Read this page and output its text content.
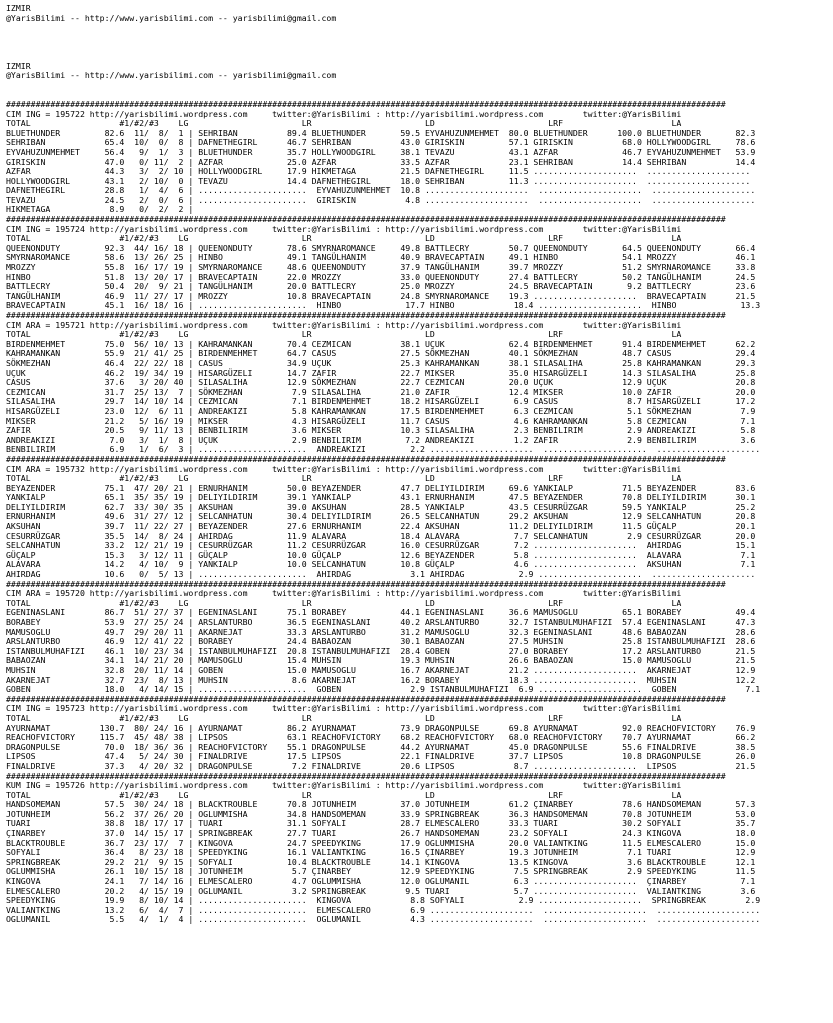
IZMIR
@YarisBilimi -- http://www.yarisbilimi.com -- yarisbilimi@gmail.com
IZMIR
@YarisBilimi -- http://www.yarisbilimi.com -- yarisbilimi@gmail.com
##################################################################################################################################################
CIM ING = 195722 http://yarisbilimi.wordpress.com     twitter:@YarisBilimi : http://yarisbilimi.wordpress.com        twitter:@YarisBilimi
TOTAL                  #1/#2/#3    LG                       LR                       LD                       LRF                      LA
BLUETHUNDER         82.6  11/  8/  1 | SEHRIBAN          89.4 BLUETHUNDER       59.5 EYVAHUZUNMEHMET  80.0 BLUETHUNDER      100.0 BLUETHUNDER       82.3
SEHRIBAN            65.4  10/  0/  8 | DAFNETHEGIRL      46.7 SEHRIBAN          43.0 GIRISKIN         57.1 GIRISKIN          68.0 HOLLYWOODGIRL     78.6
EYVAHUZUNMEHMET     56.4   9/  1/  3 | BLUETHUNDER       35.7 HOLLYWOODGIRL     38.1 TEVAZU           43.1 AZFAR             46.7 EYVAHUZUNMEHMET   53.9
GIRISKIN            47.0   0/ 11/  2 | AZFAR             25.0 AZFAR             33.5 AZFAR            23.1 SEHRIBAN          14.4 SEHRIBAN          14.4
AZFAR               44.3   3/  2/ 10 | HOLLYWOODGIRL     17.9 HIKMETAGA         21.5 DAFNETHEGIRL     11.5 .....................  .....................
HOLLYWOODGIRL       43.1   2/ 10/  0 | TEVAZU            14.4 DAFNETHEGIRL      18.0 SEHRIBAN         11.3 .....................  .....................
DAFNETHEGIRL        28.8   1/  4/  6 | ......................  EYVAHUZUNMEHMET  10.8 .....................  .....................  .....................
TEVAZU              24.5   2/  0/  6 | ......................  GIRISKIN          4.8 .....................  .....................  .....................
HIKMETAGA            8.9   0/  2/  2 |
##################################################################################################################################################
CIM ING = 195724 http://yarisbilimi.wordpress.com     twitter:@YarisBilimi : http://yarisbilimi.wordpress.com        twitter:@YarisBilimi
TOTAL                  #1/#2/#3    LG                       LR                       LD                       LRF                      LA
QUEENONDUTY         92.3  44/ 16/ 18 | QUEENONDUTY       78.6 SMYRNAROMANCE     49.8 BATTLECRY        50.7 QUEENONDUTY       64.5 QUEENONDUTY       66.4
SMYRNAROMANCE       58.6  13/ 26/ 25 | HINBO             49.1 TANGÜLHANIM       40.9 BRAVECAPTAIN     49.1 HINBO             54.1 MROZZY            46.1
MROZZY              55.8  16/ 17/ 19 | SMYRNAROMANCE     48.6 QUEENONDUTY       37.9 TANGÜLHANIM      39.7 MROZZY            51.2 SMYRNAROMANCE     33.8
HINBO               51.8  13/ 20/ 17 | BRAVECAPTAIN      22.0 MROZZY            33.0 QUEENONDUTY      27.4 BATTLECRY         50.2 TANGÜLHANIM       24.5
BATTLECRY           50.4  20/  9/ 21 | TANGÜLHANIM       20.0 BATTLECRY         25.0 MROZZY           24.5 BRAVECAPTAIN       9.2 BATTLECRY         23.6
TANGÜLHANIM         46.9  11/ 27/ 17 | MROZZY            10.8 BRAVECAPTAIN      24.8 SMYRNAROMANCE    19.3 .....................  BRAVECAPTAIN      21.5
BRAVECAPTAIN        45.1  16/ 18/ 16 | ......................  HINBO             17.7 HINBO            18.4 .....................  HINBO             13.3
##################################################################################################################################################
CIM ARA = 195721 http://yarisbilimi.wordpress.com     twitter:@YarisBilimi : http://yarisbilimi.wordpress.com        twitter:@YarisBilimi
TOTAL                  #1/#2/#3    LG                       LR                       LD                       LRF                      LA
BIRDENMEHMET        75.0  56/ 10/ 13 | KAHRAMANKAN       70.4 CEZMICAN          38.1 UÇUK             62.4 BIRDENMEHMET      91.4 BIRDENMEHMET      62.2
KAHRAMANKAN         55.9  21/ 41/ 25 | BIRDENMEHMET      64.7 CASUS             27.5 SÖKMEZHAN        40.1 SÖKMEZHAN         48.7 CASUS             29.4
SÖKMEZHAN           46.4  22/ 22/ 18 | CASUS             34.9 UÇUK              25.3 KAHRAMANKAN      38.1 SILASALIHA        25.8 KAHRAMANKAN       29.3
UÇUK                46.2  19/ 34/ 19 | HISARGÜZELI       14.7 ZAFIR             22.7 MIKSER           35.0 HISARGÜZELI       14.3 SILASALIHA        25.8
CASUS               37.6   3/ 20/ 40 | SILASALIHA        12.9 SÖKMEZHAN         22.7 CEZMICAN         20.0 UÇUK              12.9 UÇUK              20.8
CEZMICAN            31.7  25/ 13/  7 | SÖKMEZHAN          7.9 SILASALIHA        21.0 ZAFIR            12.4 MIKSER            10.0 ZAFIR             20.0
SILASALIHA          29.7  14/ 10/ 14 | CEZMICAN           7.1 BIRDENMEHMET      18.2 HISARGÜZELI       6.9 CASUS              8.7 HISARGÜZELI       17.2
HISARGÜZELI         23.0  12/  6/ 11 | ANDREAKIZI         5.8 KAHRAMANKAN       17.5 BIRDENMEHMET      6.3 CEZMICAN           5.1 SÖKMEZHAN          7.9
MIKSER              21.2   5/ 16/ 19 | MIKSER             4.3 HISARGÜZELI       11.7 CASUS             4.6 KAHRAMANKAN        5.8 CEZMICAN           7.1
ZAFIR               20.5   9/ 11/ 13 | BENBILIRIM         3.6 MIKSER            10.3 SILASALIHA        2.3 BENBILIRIM         2.9 ANDREAKIZI         5.8
ANDREAKIZI           7.0   3/  1/  8 | UÇUK               2.9 BENBILIRIM         7.2 ANDREAKIZI        1.2 ZAFIR              2.9 BENBILIRIM         3.6
BENBILIRIM           6.9   1/  6/  3 | ......................  ANDREAKIZI         2.2 .....................  .....................  .....................
##################################################################################################################################################
CIM ARA = 195732 http://yarisbilimi.wordpress.com     twitter:@YarisBilimi : http://yarisbilimi.wordpress.com        twitter:@YarisBilimi
TOTAL                  #1/#2/#3    LG                       LR                       LD                       LRF                      LA
BEYAZENDER          75.1  47/ 20/ 21 | ERNURHANIM        50.0 BEYAZENDER        47.7 DELIYILDIRIM     69.6 YANKIALP          71.5 BEYAZENDER        83.6
YANKIALP            65.1  35/ 35/ 19 | DELIYILDIRIM      39.1 YANKIALP          43.1 ERNURHANIM       47.5 BEYAZENDER        70.8 DELIYILDIRIM      30.1
DELIYILDIRIM        62.7  33/ 30/ 35 | AKSUHAN           39.0 AKSUHAN           28.5 YANKIALP         43.5 CESURRÜZGAR       59.5 YANKIALP          25.2
ERNURHANIM          49.6  31/ 27/ 12 | SELCANHATUN       30.4 DELIYILDIRIM      26.5 SELCANHATUN      29.2 AKSUHAN           12.9 SELCANHATUN       20.8
AKSUHAN             39.7  11/ 22/ 27 | BEYAZENDER        27.6 ERNURHANIM        22.4 AKSUHAN          11.2 DELIYILDIRIM      11.5 GÜÇALP            20.1
CESURRÜZGAR         35.5  14/  8/ 24 | AHIRDAG           11.9 ALAVARA           18.4 ALAVARA           7.7 SELCANHATUN        2.9 CESURRÜZGAR       20.0
SELCANHATUN         33.2  12/ 21/ 19 | CESURRÜZGAR       11.2 CESURRÜZGAR       16.0 CESURRÜZGAR       7.2 .....................  AHIRDAG           15.1
GÜÇALP              15.3   3/ 12/ 11 | GÜÇALP            10.0 GÜÇALP            12.6 BEYAZENDER        5.8 .....................  ALAVARA            7.1
ALAVARA             14.2   4/ 10/  9 | YANKIALP          10.0 SELCANHATUN       10.8 GÜÇALP            4.6 .....................  AKSUHAN            7.1
AHIRDAG             10.6   0/  5/ 13 | ......................  AHIRDAG            3.1 AHIRDAG           2.9 .....................  .....................
##################################################################################################################################################
CIM ARA = 195720 http://yarisbilimi.wordpress.com     twitter:@YarisBilimi : http://yarisbilimi.wordpress.com        twitter:@YarisBilimi
TOTAL                  #1/#2/#3    LG                       LR                       LD                       LRF                      LA
EGENINASLANI        86.7  51/ 27/ 37 | EGENINASLANI      75.1 BORABEY           44.1 EGENINASLANI     36.6 MAMUSOGLU         65.1 BORABEY           49.4
BORABEY             53.9  27/ 25/ 24 | ARSLANTURBO       36.5 EGENINASLANI      40.2 ARSLANTURBO      32.7 ISTANBULMUHAFIZI  57.4 EGENINASLANI      47.3
MAMUSOGLU           49.7  29/ 20/ 11 | AKARNEJAT         33.3 ARSLANTURBO       31.2 MAMUSOGLU        32.3 EGENINASLANI      48.6 BABAOZAN          28.6
ARSLANTURBO         46.9  12/ 41/ 22 | BORABEY           24.4 BABAOZAN          30.1 BABAOZAN         27.5 MUHSIN            25.8 ISTANBULMUHAFIZI  28.6
ISTANBULMUHAFIZI    46.1  10/ 23/ 34 | ISTANBULMUHAFIZI  20.8 ISTANBULMUHAFIZI  28.4 GOBEN            27.0 BORABEY           17.2 ARSLANTURBO       21.5
BABAOZAN            34.1  14/ 21/ 20 | MAMUSOGLU         15.4 MUHSIN            19.3 MUHSIN           26.6 BABAOZAN          15.0 MAMUSOGLU         21.5
MUHSIN              32.8  20/ 11/ 14 | GOBEN             15.0 MAMUSOGLU         16.7 AKARNEJAT        21.2 .....................  AKARNEJAT         12.9
AKARNEJAT           32.7  23/  8/ 13 | MUHSIN             8.6 AKARNEJAT         16.2 BORABEY          18.3 .....................  MUHSIN            12.2
GOBEN               18.0   4/ 14/ 15 | ......................  GOBEN              2.9 ISTANBULMUHAFIZI  6.9 .....................  GOBEN              7.1
##################################################################################################################################################
CIM ING = 195723 http://yarisbilimi.wordpress.com     twitter:@YarisBilimi : http://yarisbilimi.wordpress.com        twitter:@YarisBilimi
TOTAL                  #1/#2/#3    LG                       LR                       LD                       LRF                      LA
AYURNAMAT          130.7  80/ 24/ 16 | AYURNAMAT         86.2 AYURNAMAT         73.9 DRAGONPULSE      69.8 AYURNAMAT         92.0 REACHOFVICTORY    76.9
REACHOFVICTORY     115.7  45/ 48/ 38 | LIPSOS            63.1 REACHOFVICTORY    68.2 REACHOFVICTORY   68.0 REACHOFVICTORY    70.7 AYURNAMAT         66.2
DRAGONPULSE         70.0  18/ 36/ 36 | REACHOFVICTORY    55.1 DRAGONPULSE       44.2 AYURNAMAT        45.0 DRAGONPULSE       55.6 FINALDRIVE        38.5
LIPSOS              47.4   5/ 24/ 30 | FINALDRIVE        17.5 LIPSOS            22.1 FINALDRIVE       37.7 LIPSOS            10.8 DRAGONPULSE       26.0
FINALDRIVE          37.3   4/ 20/ 32 | DRAGONPULSE        7.2 FINALDRIVE        20.6 LIPSOS            8.7 .....................  LIPSOS            21.5
##################################################################################################################################################
KUM ING = 195726 http://yarisbilimi.wordpress.com     twitter:@YarisBilimi : http://yarisbilimi.wordpress.com        twitter:@YarisBilimi
TOTAL                  #1/#2/#3    LG                       LR                       LD                       LRF                      LA
HANDSOMEMAN         57.5  30/ 24/ 18 | BLACKTROUBLE      70.8 JOTUNHEIM         37.0 JOTUNHEIM        61.2 ÇINARBEY          78.6 HANDSOMEMAN       57.3
JOTUNHEIM           56.2  37/ 26/ 20 | OGLUMMISHA        34.8 HANDSOMEMAN       33.9 SPRINGBREAK      36.3 HANDSOMEMAN       70.8 JOTUNHEIM         53.0
TUARI               38.8  18/ 17/ 17 | TUARI             31.1 SOFYALI           28.7 ELMESCALERO      33.3 TUARI             30.2 SOFYALI           35.7
ÇINARBEY            37.0  14/ 15/ 17 | SPRINGBREAK       27.7 TUARI             26.7 HANDSOMEMAN      23.2 SOFYALI           24.3 KINGOVA           18.0
BLACKTROUBLE        36.7  23/ 17/  7 | KINGOVA           24.7 SPEEDYKING        17.9 OGLUMMISHA       20.0 VALIANTKING       11.5 ELMESCALERO       15.0
SOFYALI             36.4   8/ 23/ 18 | SPEEDYKING        16.1 VALIANTKING       16.5 ÇINARBEY         19.3 JOTUNHEIM          7.1 TUARI             12.9
SPRINGBREAK         29.2  21/  9/ 15 | SOFYALI           10.4 BLACKTROUBLE      14.1 KINGOVA          13.5 KINGOVA            3.6 BLACKTROUBLE      12.1
OGLUMMISHA          26.1  10/ 15/ 18 | JOTUNHEIM          5.7 ÇINARBEY          12.9 SPEEDYKING        7.5 SPRINGBREAK        2.9 SPEEDYKING        11.5
KINGOVA             24.1   7/ 14/ 16 | ELMESCALERO        4.7 OGLUMMISHA        12.0 OGLUMANIL         6.3 .....................  ÇINARBEY           7.1
ELMESCALERO         20.2   4/ 15/ 19 | OGLUMANIL          3.2 SPRINGBREAK        9.5 TUARI             5.7 .....................  VALIANTKING        3.6
SPEEDYKING          19.9   8/ 10/ 14 | ......................  KINGOVA            8.8 SOFYALI           2.9 .....................  SPRINGBREAK        2.9
VALIANTKING         13.2   6/  4/  7 | ......................  ELMESCALERO        6.9 .....................  .....................  .....................
OGLUMANIL            5.5   4/  1/  4 | ......................  OGLUMANIL          4.3 .....................  .....................  .....................
